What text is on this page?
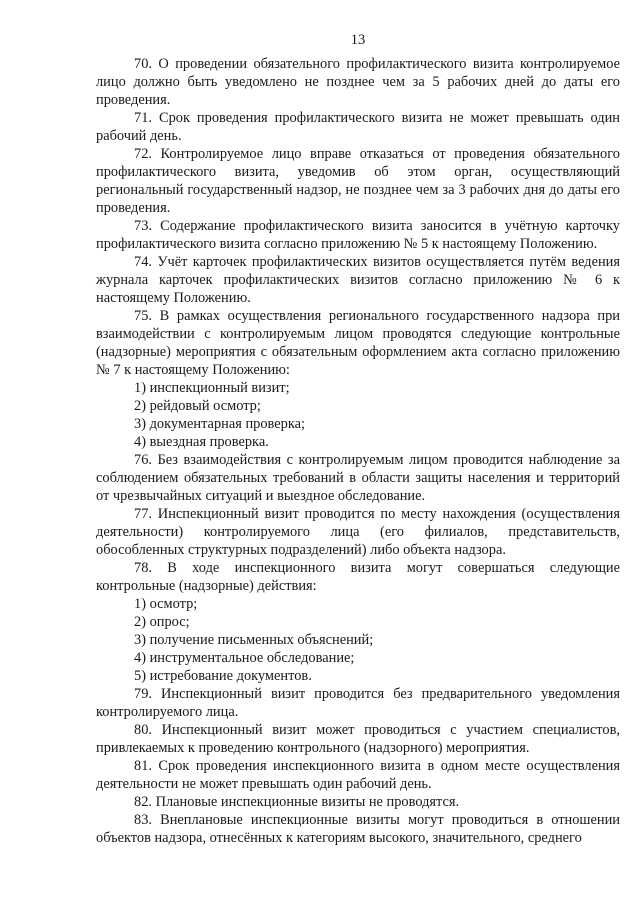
13

70. О проведении обязательного профилактического визита контролируемое лицо должно быть уведомлено не позднее чем за 5 рабочих дней до даты его проведения.

71. Срок проведения профилактического визита не может превышать один рабочий день.

72. Контролируемое лицо вправе отказаться от проведения обязательного профилактического визита, уведомив об этом орган, осуществляющий региональный государственный надзор, не позднее чем за 3 рабочих дня до даты его проведения.

73. Содержание профилактического визита заносится в учётную карточку профилактического визита согласно приложению № 5 к настоящему Положению.

74. Учёт карточек профилактических визитов осуществляется путём ведения журнала карточек профилактических визитов согласно приложению № 6 к настоящему Положению.

75. В рамках осуществления регионального государственного надзора при взаимодействии с контролируемым лицом проводятся следующие контрольные (надзорные) мероприятия с обязательным оформлением акта согласно приложению № 7 к настоящему Положению:

1) инспекционный визит;

2) рейдовый осмотр;

3) документарная проверка;

4) выездная проверка.

76. Без взаимодействия с контролируемым лицом проводится наблюдение за соблюдением обязательных требований в области защиты населения и территорий от чрезвычайных ситуаций и выездное обследование.

77. Инспекционный визит проводится по месту нахождения (осуществления деятельности) контролируемого лица (его филиалов, представительств, обособленных структурных подразделений) либо объекта надзора.

78. В ходе инспекционного визита могут совершаться следующие контрольные (надзорные) действия:

1) осмотр;

2) опрос;

3) получение письменных объяснений;

4) инструментальное обследование;

5) истребование документов.

79. Инспекционный визит проводится без предварительного уведомления контролируемого лица.

80. Инспекционный визит может проводиться с участием специалистов, привлекаемых к проведению контрольного (надзорного) мероприятия.

81. Срок проведения инспекционного визита в одном месте осуществления деятельности не может превышать один рабочий день.

82. Плановые инспекционные визиты не проводятся.

83. Внеплановые инспекционные визиты могут проводиться в отношении объектов надзора, отнесённых к категориям высокого, значительного, среднего
